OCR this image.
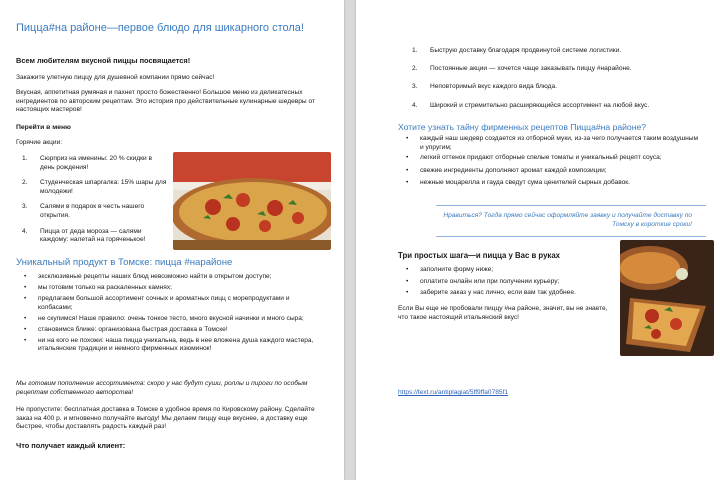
Пицца#на районе—первое блюдо для шикарного стола!

Всем любителям вкусной пиццы посвящается!

Закажите улетную пиццу для душевной компании прямо сейчас!

Вкусная, аппетитная румяная и пахнет просто божественно! Большое меню из деликатесных ингредиентов по авторским рецептам. Это история про действительные кулинарные шедевры от настоящих мастеров!

Перейти в меню

Горячие акции:

1. Сюрприз на именины: 20 % скидки в день рождения!
2. Студенческая шпаргалка: 15% шары для молодежи!
3. Салями в подарок в честь нашего открытия.
4. Пицца от деда мороза — салями каждому: налетай на горяченькое!

Уникальный продукт в Томске: пицца #нарайоне

• эксклюзивные рецепты наших блюд невозможно найти в открытом доступе;
• мы готовим только на раскаленных камнях;
• предлагаем большой ассортимент сочных и ароматных пицц с морепродуктами и колбасами;
• не скупимся! Наше правило: очень тонкое тесто, много вкусной начинки и много сыра;
• становимся ближе: организована быстрая доставка в Томске!
• ни на кого не похожи: наша пицца уникальна, ведь в нее вложена душа каждого мастера, итальянские традиции и немного фирменных изюминок!

Мы готовим пополнение ассортимента: скоро у нас будут суши, роллы и пироги по особым рецептам собственного авторства!

Не пропустите: бесплатная доставка в Томске в удобное время по Кировскому району. Сделайте заказ на 400 р. и мгновенно получайте выгоду! Мы делаем пиццу еще вкуснее, а доставку еще быстрее, чтобы доставлять радость каждый раз!

Что получает каждый клиент:

1. Быструю доставку благодаря продвинутой системе логистики.
2. Постоянные акции — хочется чаще заказывать пиццу #нарайоне.
3. Неповторимый вкус каждого вида блюда.
4. Широкий и стремительно расширяющийся ассортимент на любой вкус.

Хотите узнать тайну фирменных рецептов Пицца#на районе?

• каждый наш шедевр создается из отборной муки, из-за чего получается таким воздушным и упругим;
• легкий оттенок придают отборные спелые томаты и уникальный рецепт соуса;
• свежие ингредиенты дополняют аромат каждой композиции;
• нежные моцарелла и гауда сведут сума ценителей сырных добавок.

Нравиться? Тогда прямо сейчас оформляйте заявку и получайте доставку по Томску в короткие сроки!

Три простых шага—и пицца у Вас в руках

• заполните форму ниже;
• оплатите онлайн или при получении курьеру;
• заберите заказ у нас лично, если вам так удобнее.

Если Вы еще не пробовали пиццу #на районе, значит, вы не знаете, что такое настоящий итальянский вкус!

https://text.ru/antiplagiat/5ff9ffa0785f1
